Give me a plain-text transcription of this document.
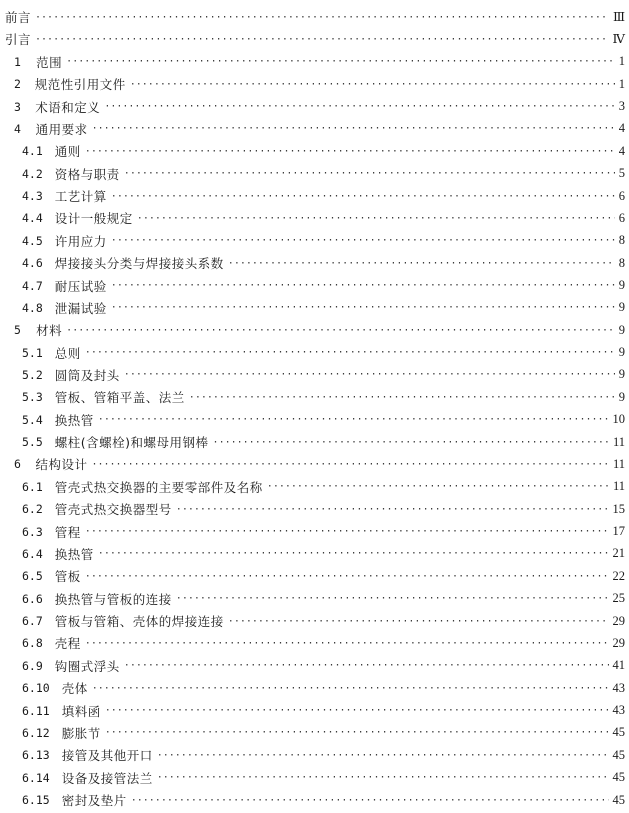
前言 ·····	Ⅲ
引言 ·····	Ⅳ
1	范围 ·····	1
2	规范性引用文件 ·····	1
3	术语和定义 ·····	3
4	通用要求 ·····	4
4.1 通则 ·····	4
4.2 资格与职责 ·····	5
4.3 工艺计算 ·····	6
4.4 设计一般规定 ·····	6
4.5 许用应力 ·····	8
4.6 焊接接头分类与焊接接头系数 ·····	8
4.7 耐压试验 ·····	9
4.8 泄漏试验 ·····	9
5	材料 ·····	9
5.1 总则 ·····	9
5.2 圆筒及封头 ·····	9
5.3 管板、管箱平盖、法兰 ·····	9
5.4 换热管 ·····	10
5.5 螺柱(含螺栓)和螺母用钢棒 ·····	11
6	结构设计 ·····	11
6.1 管壳式热交换器的主要零部件及名称 ·····	11
6.2 管壳式热交换器型号 ·····	15
6.3 管程 ·····	17
6.4 换热管 ·····	21
6.5 管板 ·····	22
6.6 换热管与管板的连接 ·····	25
6.7 管板与管箱、壳体的焊接连接 ·····	29
6.8 壳程 ·····	29
6.9 钩圈式浮头 ·····	41
6.10 壳体 ·····	43
6.11 填料函 ·····	43
6.12 膨胀节 ·····	45
6.13 接管及其他开口 ·····	45
6.14 设备及接管法兰 ·····	45
6.15 密封及垫片 ·····	45
